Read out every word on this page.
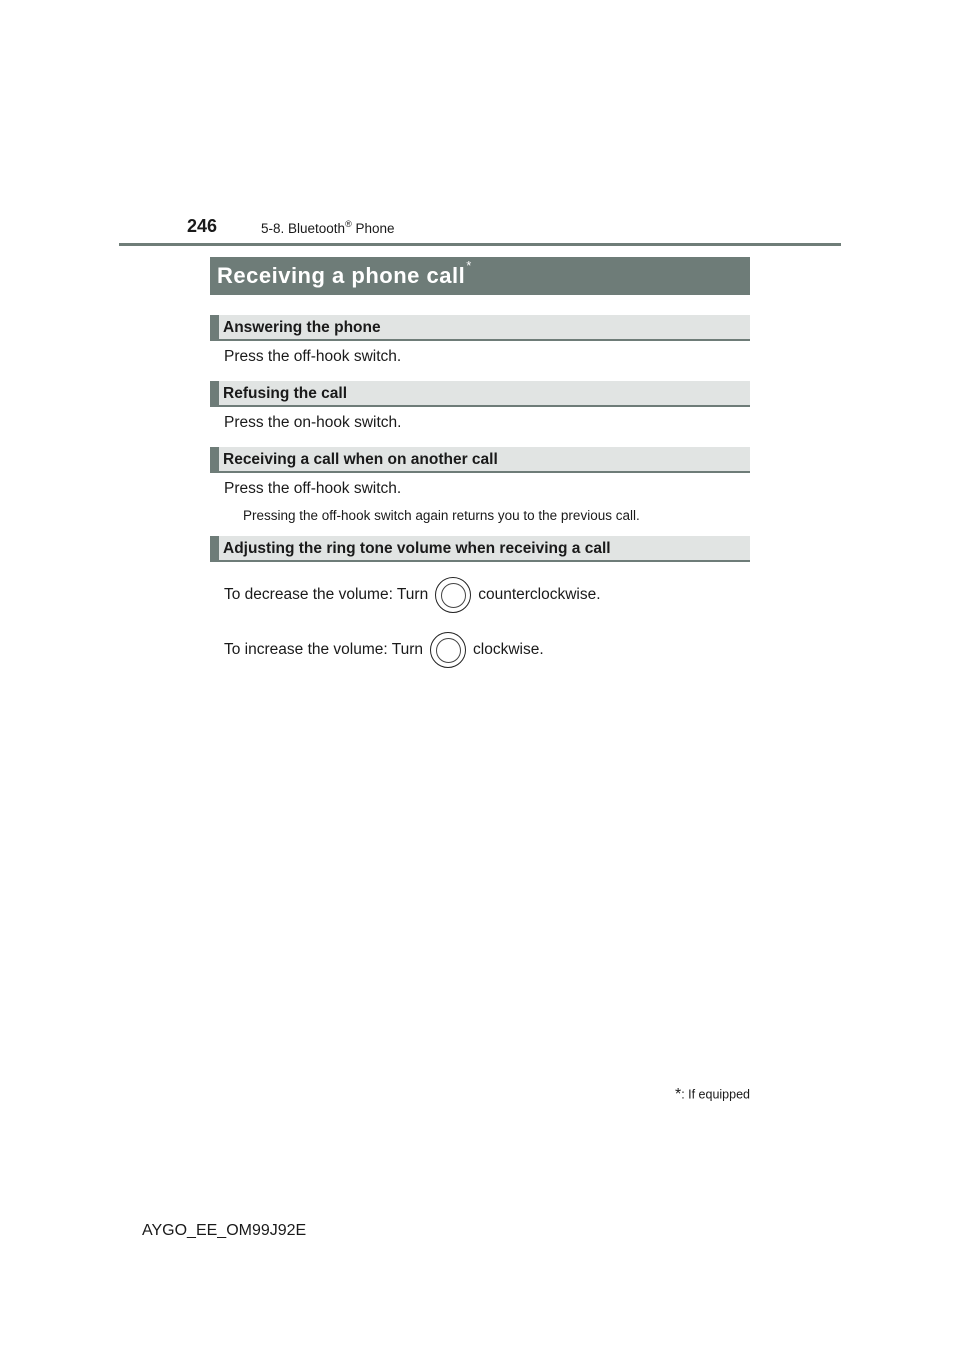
246	5-8. Bluetooth® Phone
Receiving a phone call*
Answering the phone
Press the off-hook switch.
Refusing the call
Press the on-hook switch.
Receiving a call when on another call
Press the off-hook switch.
Pressing the off-hook switch again returns you to the previous call.
Adjusting the ring tone volume when receiving a call
To decrease the volume: Turn	counterclockwise.
To increase the volume: Turn	clockwise.
*: If equipped
AYGO_EE_OM99J92E
